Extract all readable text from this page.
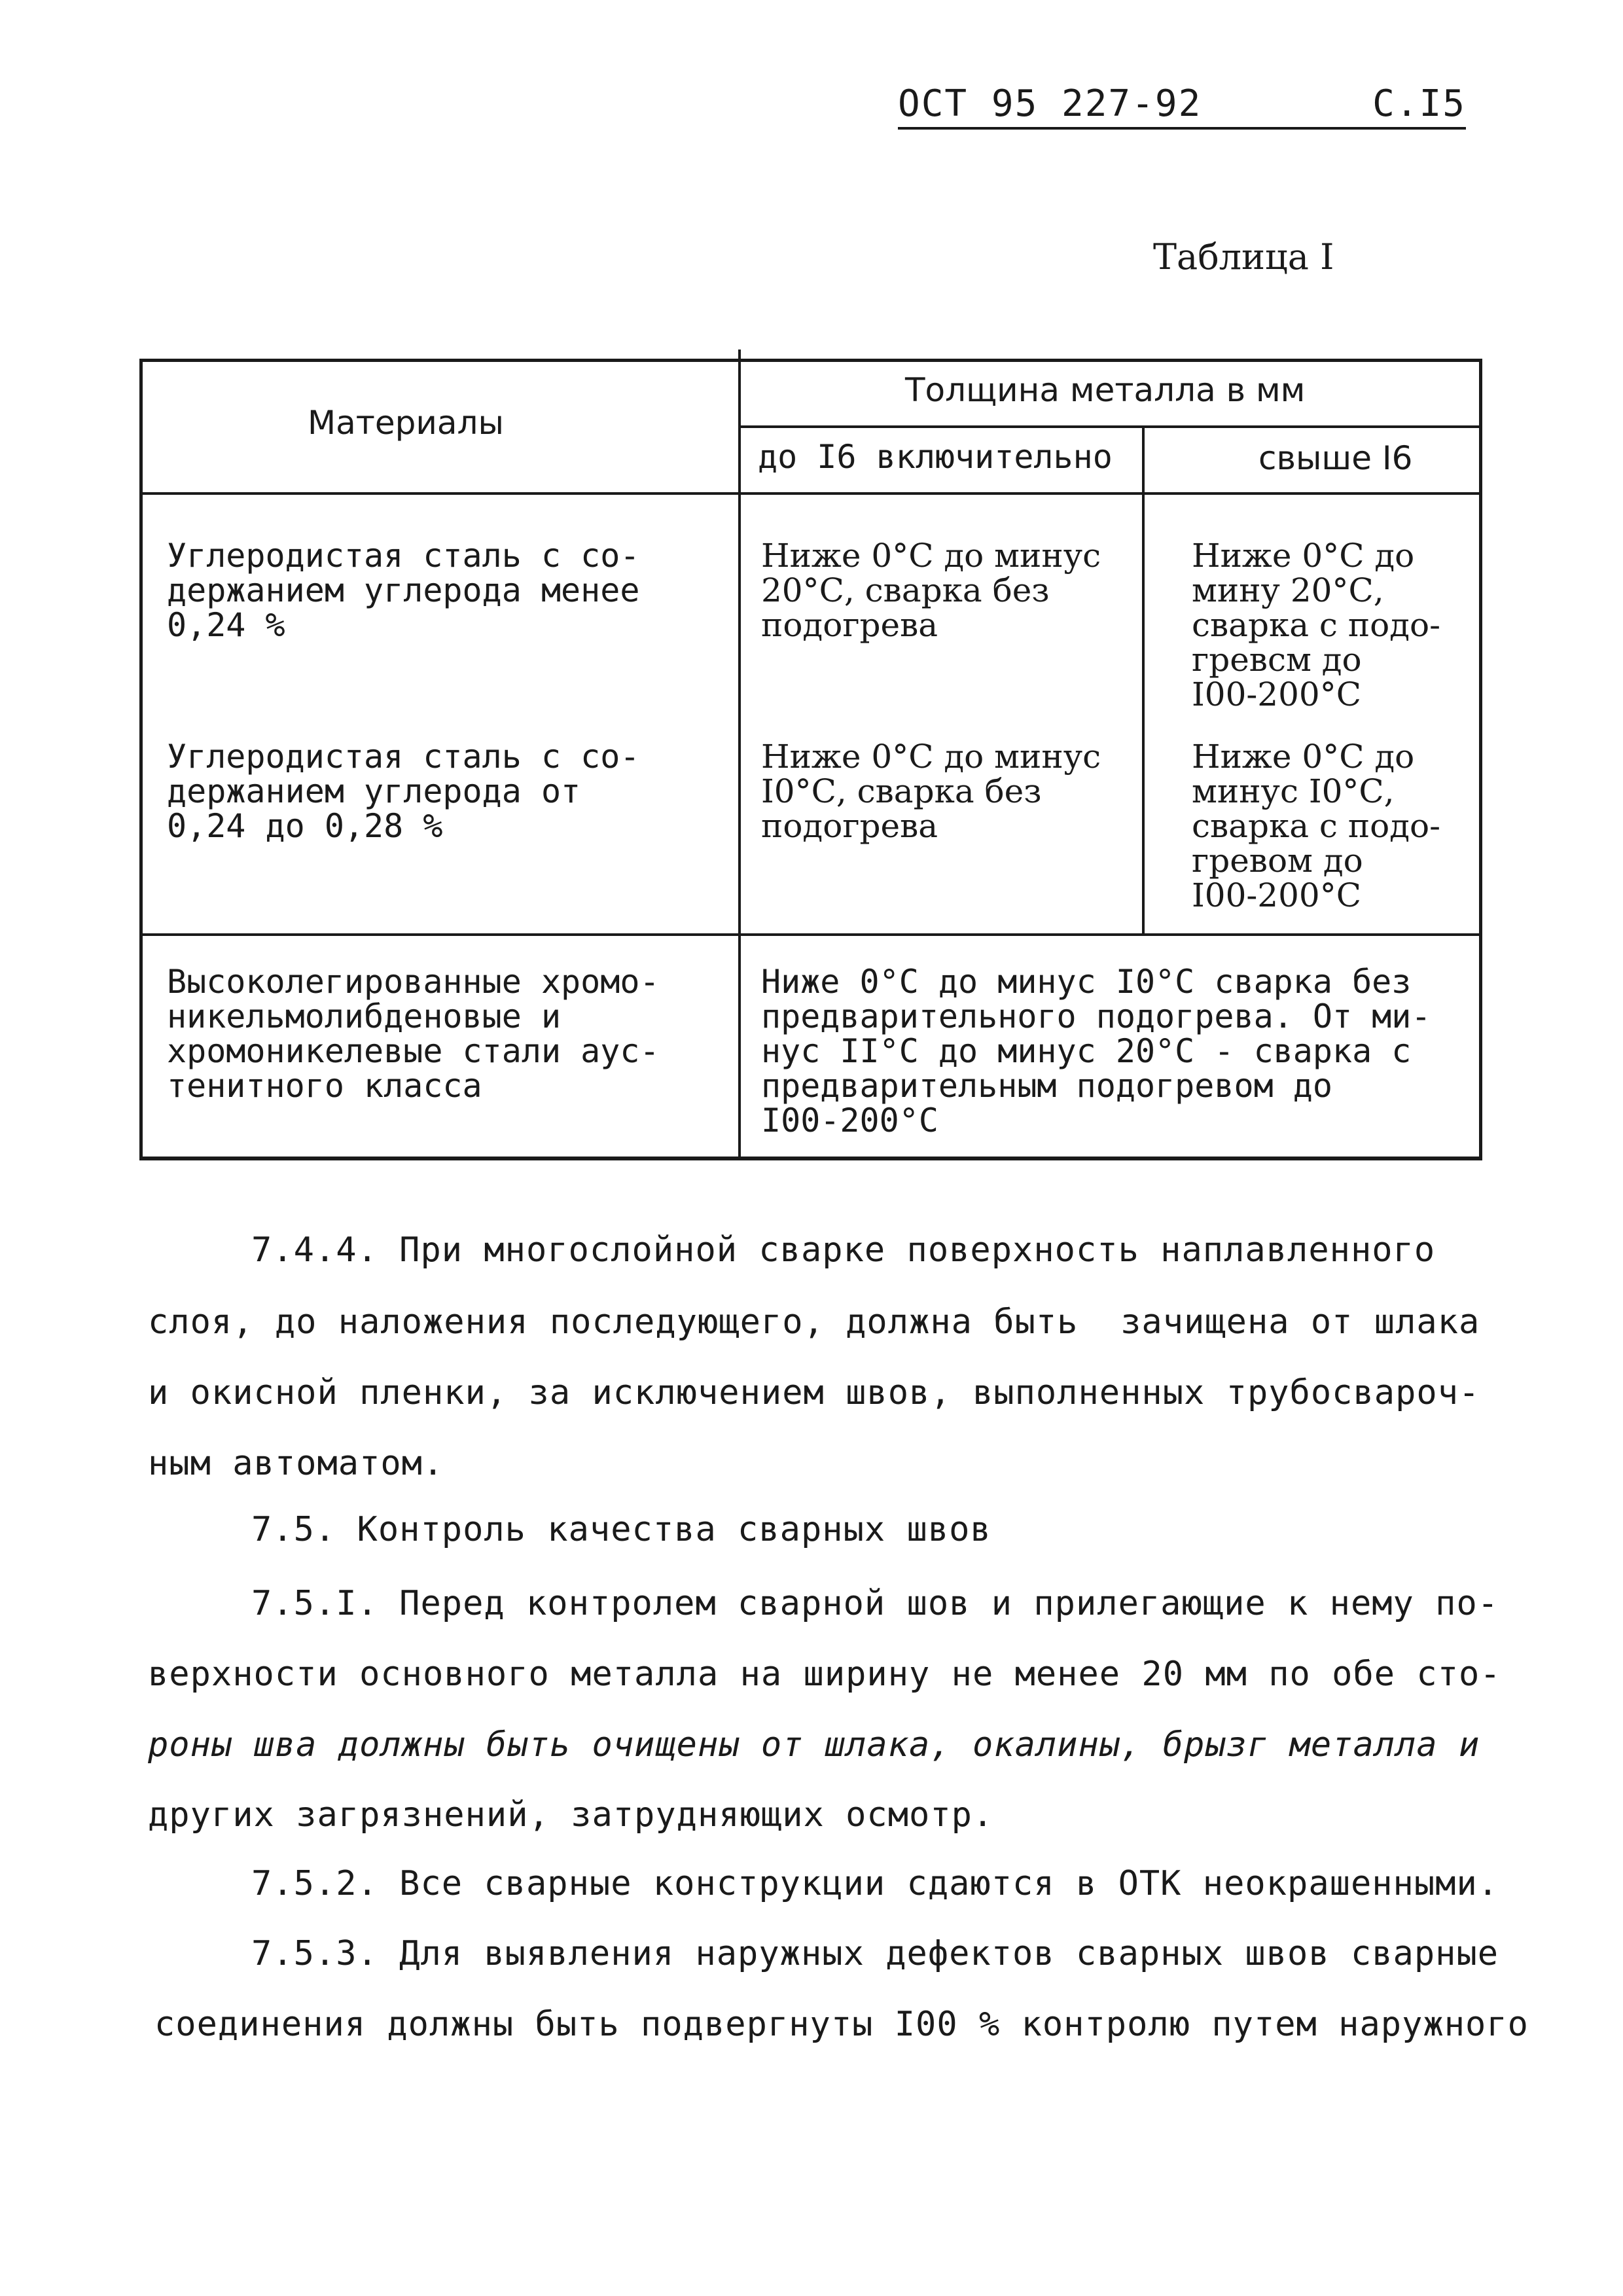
ОСТ 95 227-92	С.I5
Таблица I
Материалы
Толщина металла в мм
до I6 включительно	свыше I6
Углеродистая сталь с со-
держанием углерода менее
0,24 %
Ниже 0°С до минус
20°С, сварка без
подогрева
Ниже 0°С до
мину 20°С,
сварка с подо-
гревсм до
I00-200°С
Углеродистая сталь с со-
держанием углерода от
0,24 до 0,28 %
Ниже 0°С до минус
I0°С, сварка без
подогрева
Ниже 0°С до
минус I0°С,
сварка с подо-
гревом до
I00-200°С
Высоколегированные хромо-
никельмолибденовые и
хромоникелевые стали аус-
тенитного класса
Ниже 0°С до минус I0°С сварка без
предварительного подогрева. От ми-
нус II°С до минус 20°С - сварка с
предварительным подогревом до
I00-200°С
7.4.4. При многослойной сварке поверхность наплавленного
слоя, до наложения последующего, должна быть  зачищена от шлака
и окисной пленки, за исключением швов, выполненных трубосвароч-
ным автоматом.
7.5. Контроль качества сварных швов
7.5.I. Перед контролем сварной шов и прилегающие к нему по-
верхности основного металла на ширину не менее 20 мм по обе сто-
роны шва должны быть очищены от шлака, окалины, брызг металла и
других загрязнений, затрудняющих осмотр.
7.5.2. Все сварные конструкции сдаются в ОТК неокрашенными.
7.5.3. Для выявления наружных дефектов сварных швов сварные
соединения должны быть подвергнуты I00 % контролю путем наружного
